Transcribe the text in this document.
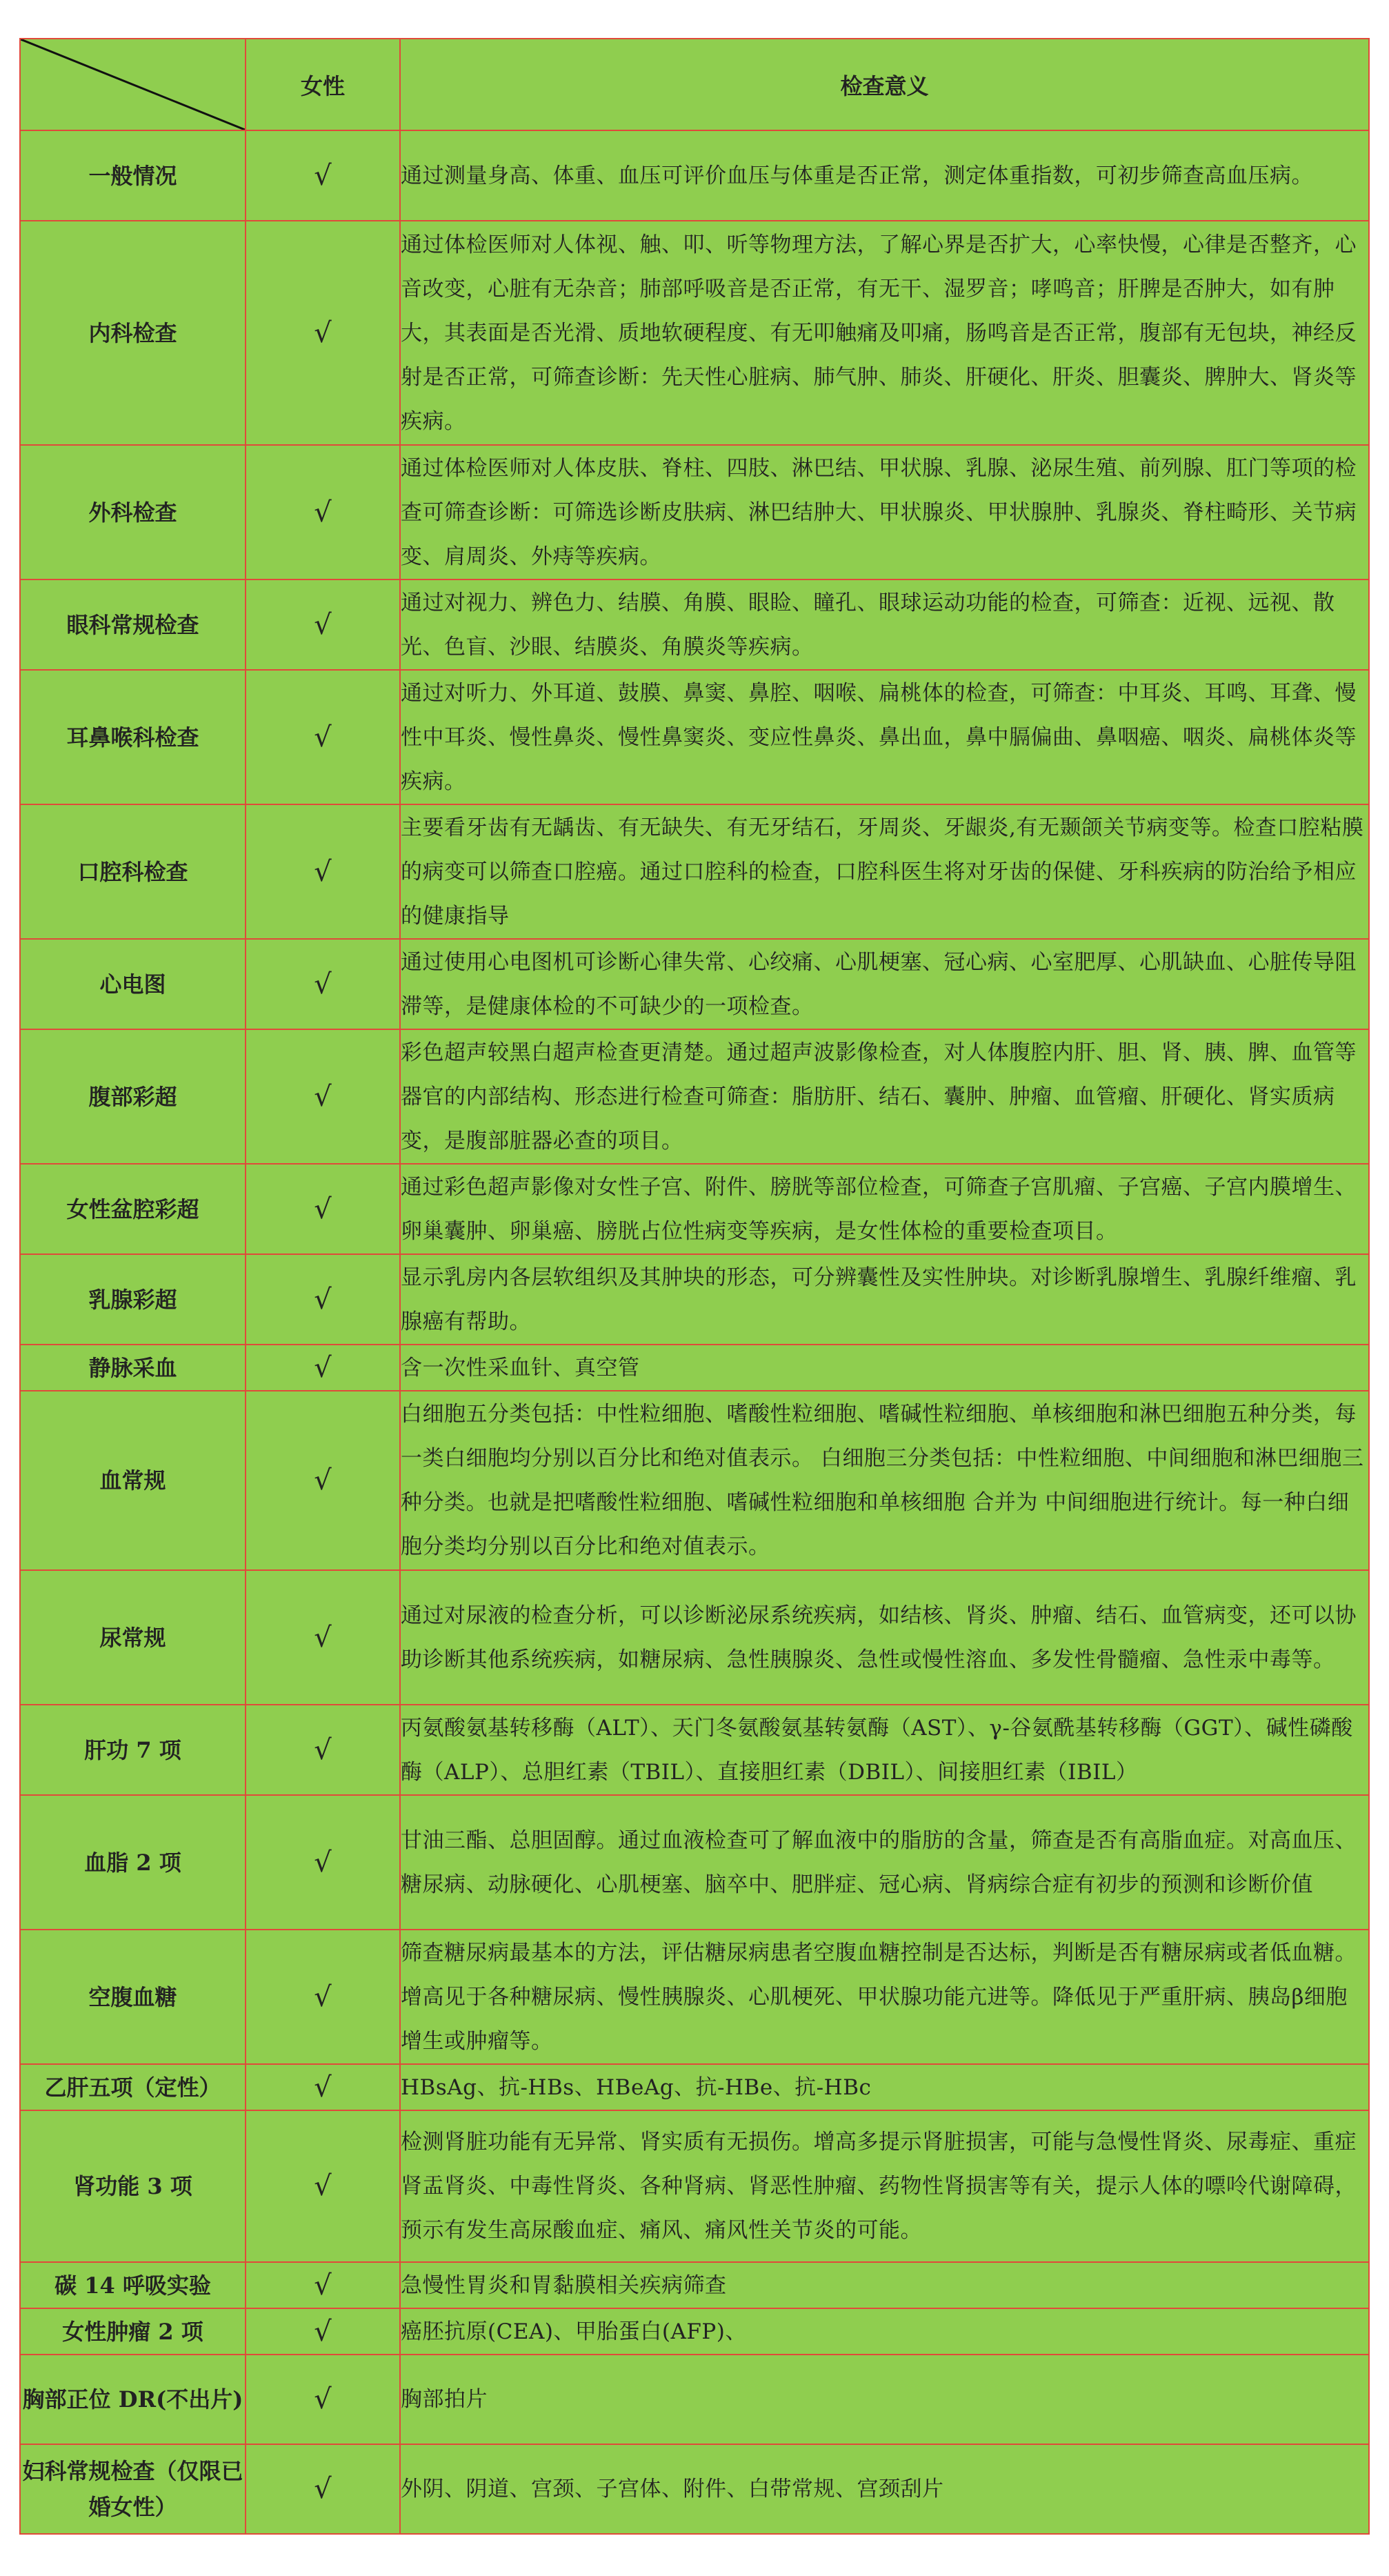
	女性	检查意义
一般情况	√	通过测量身高、体重、血压可评价血压与体重是否正常，测定体重指数，可初步筛查高血压病。
内科检查	√	通过体检医师对人体视、触、叩、听等物理方法，了解心界是否扩大，心率快慢，心律是否整齐，心音改变，心脏有无杂音；肺部呼吸音是否正常，有无干、湿罗音；哮鸣音；肝脾是否肿大，如有肿大，其表面是否光滑、质地软硬程度、有无叩触痛及叩痛，肠鸣音是否正常，腹部有无包块，神经反射是否正常，可筛查诊断：先天性心脏病、肺气肿、肺炎、肝硬化、肝炎、胆囊炎、脾肿大、肾炎等疾病。
外科检查	√	通过体检医师对人体皮肤、脊柱、四肢、淋巴结、甲状腺、乳腺、泌尿生殖、前列腺、肛门等项的检查可筛查诊断：可筛选诊断皮肤病、淋巴结肿大、甲状腺炎、甲状腺肿、乳腺炎、脊柱畸形、关节病变、肩周炎、外痔等疾病。
眼科常规检查	√	通过对视力、辨色力、结膜、角膜、眼睑、瞳孔、眼球运动功能的检查，可筛查：近视、远视、散光、色盲、沙眼、结膜炎、角膜炎等疾病。
耳鼻喉科检查	√	通过对听力、外耳道、鼓膜、鼻窦、鼻腔、咽喉、扁桃体的检查，可筛查：中耳炎、耳鸣、耳聋、慢性中耳炎、慢性鼻炎、慢性鼻窦炎、变应性鼻炎、鼻出血，鼻中膈偏曲、鼻咽癌、咽炎、扁桃体炎等疾病。
口腔科检查	√	主要看牙齿有无龋齿、有无缺失、有无牙结石，牙周炎、牙龈炎,有无颞颌关节病变等。检查口腔粘膜的病变可以筛查口腔癌。通过口腔科的检查，口腔科医生将对牙齿的保健、牙科疾病的防治给予相应的健康指导
心电图	√	通过使用心电图机可诊断心律失常、心绞痛、心肌梗塞、冠心病、心室肥厚、心肌缺血、心脏传导阻滞等，是健康体检的不可缺少的一项检查。
腹部彩超	√	彩色超声较黑白超声检查更清楚。通过超声波影像检查，对人体腹腔内肝、胆、肾、胰、脾、血管等器官的内部结构、形态进行检查可筛查：脂肪肝、结石、囊肿、肿瘤、血管瘤、肝硬化、肾实质病变，是腹部脏器必查的项目。
女性盆腔彩超	√	通过彩色超声影像对女性子宫、附件、膀胱等部位检查，可筛查子宫肌瘤、子宫癌、子宫内膜增生、卵巢囊肿、卵巢癌、膀胱占位性病变等疾病，是女性体检的重要检查项目。
乳腺彩超	√	显示乳房内各层软组织及其肿块的形态，可分辨囊性及实性肿块。对诊断乳腺增生、乳腺纤维瘤、乳腺癌有帮助。
静脉采血	√	含一次性采血针、真空管
血常规	√	白细胞五分类包括：中性粒细胞、嗜酸性粒细胞、嗜碱性粒细胞、单核细胞和淋巴细胞五种分类，每一类白细胞均分别以百分比和绝对值表示。 白细胞三分类包括：中性粒细胞、中间细胞和淋巴细胞三种分类。也就是把嗜酸性粒细胞、嗜碱性粒细胞和单核细胞 合并为 中间细胞进行统计。每一种白细胞分类均分别以百分比和绝对值表示。
尿常规	√	通过对尿液的检查分析，可以诊断泌尿系统疾病，如结核、肾炎、肿瘤、结石、血管病变，还可以协助诊断其他系统疾病，如糖尿病、急性胰腺炎、急性或慢性溶血、多发性骨髓瘤、急性汞中毒等。
肝功 7 项	√	丙氨酸氨基转移酶（ALT）、天门冬氨酸氨基转氨酶（AST）、γ-谷氨酰基转移酶（GGT）、碱性磷酸酶（ALP）、总胆红素（TBIL）、直接胆红素（DBIL）、间接胆红素（IBIL）
血脂 2 项	√	甘油三酯、总胆固醇。通过血液检查可了解血液中的脂肪的含量，筛查是否有高脂血症。对高血压、糖尿病、动脉硬化、心肌梗塞、脑卒中、肥胖症、冠心病、肾病综合症有初步的预测和诊断价值
空腹血糖	√	筛查糖尿病最基本的方法，评估糖尿病患者空腹血糖控制是否达标，判断是否有糖尿病或者低血糖。增高见于各种糖尿病、慢性胰腺炎、心肌梗死、甲状腺功能亢进等。降低见于严重肝病、胰岛β细胞增生或肿瘤等。
乙肝五项（定性）	√	HBsAg、抗-HBs、HBeAg、抗-HBe、抗-HBc
肾功能 3 项	√	检测肾脏功能有无异常、肾实质有无损伤。增高多提示肾脏损害，可能与急慢性肾炎、尿毒症、重症肾盂肾炎、中毒性肾炎、各种肾病、肾恶性肿瘤、药物性肾损害等有关，提示人体的嘌呤代谢障碍，预示有发生高尿酸血症、痛风、痛风性关节炎的可能。
碳 14 呼吸实验	√	急慢性胃炎和胃黏膜相关疾病筛查
女性肿瘤 2 项	√	癌胚抗原(CEA)、甲胎蛋白(AFP)、
胸部正位 DR(不出片)	√	胸部拍片
妇科常规检查（仅限已婚女性）	√	外阴、阴道、宫颈、子宫体、附件、白带常规、宫颈刮片
